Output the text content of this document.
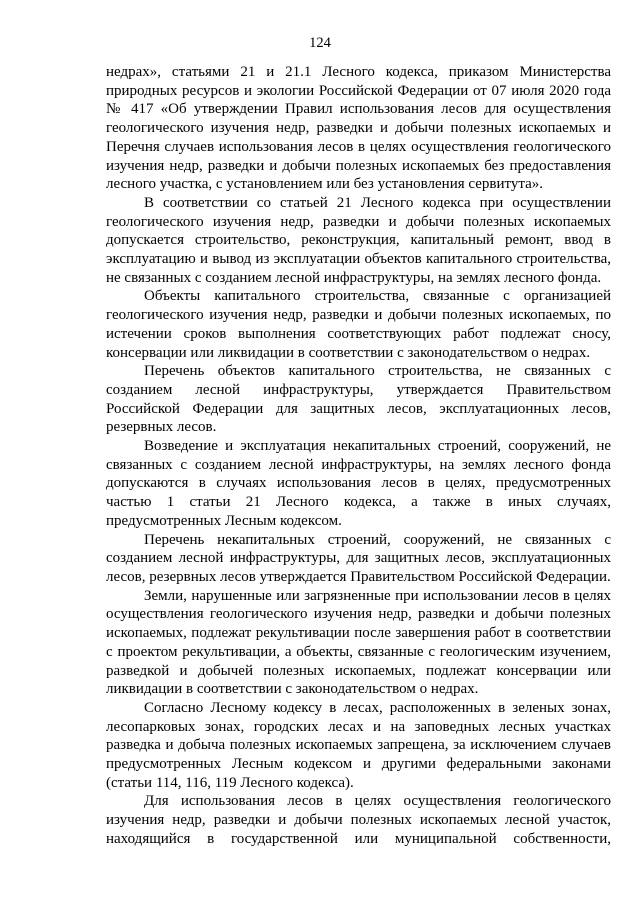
124

недрах», статьями 21 и 21.1 Лесного кодекса, приказом Министерства природных ресурсов и экологии Российской Федерации от 07 июля 2020 года № 417 «Об утверждении Правил использования лесов для осуществления геологического изучения недр, разведки и добычи полезных ископаемых и Перечня случаев использования лесов в целях осуществления геологического изучения недр, разведки и добычи полезных ископаемых без предоставления лесного участка, с установлением или без установления сервитута».

В соответствии со статьей 21 Лесного кодекса при осуществлении геологического изучения недр, разведки и добычи полезных ископаемых допускается строительство, реконструкция, капитальный ремонт, ввод в эксплуатацию и вывод из эксплуатации объектов капитального строительства, не связанных с созданием лесной инфраструктуры, на землях лесного фонда.

Объекты капитального строительства, связанные с организацией геологического изучения недр, разведки и добычи полезных ископаемых, по истечении сроков выполнения соответствующих работ подлежат сносу, консервации или ликвидации в соответствии с законодательством о недрах.

Перечень объектов капитального строительства, не связанных с созданием лесной инфраструктуры, утверждается Правительством Российской Федерации для защитных лесов, эксплуатационных лесов, резервных лесов.

Возведение и эксплуатация некапитальных строений, сооружений, не связанных с созданием лесной инфраструктуры, на землях лесного фонда допускаются в случаях использования лесов в целях, предусмотренных частью 1 статьи 21 Лесного кодекса, а также в иных случаях, предусмотренных Лесным кодексом.

Перечень некапитальных строений, сооружений, не связанных с созданием лесной инфраструктуры, для защитных лесов, эксплуатационных лесов, резервных лесов утверждается Правительством Российской Федерации.

Земли, нарушенные или загрязненные при использовании лесов в целях осуществления геологического изучения недр, разведки и добычи полезных ископаемых, подлежат рекультивации после завершения работ в соответствии с проектом рекультивации, а объекты, связанные с геологическим изучением, разведкой и добычей полезных ископаемых, подлежат консервации или ликвидации в соответствии с законодательством о недрах.

Согласно Лесному кодексу в лесах, расположенных в зеленых зонах, лесопарковых зонах, городских лесах и на заповедных лесных участках разведка и добыча полезных ископаемых запрещена, за исключением случаев предусмотренных Лесным кодексом и другими федеральными законами (статьи 114, 116, 119 Лесного кодекса).

Для использования лесов в целях осуществления геологического изучения недр, разведки и добычи полезных ископаемых лесной участок, находящийся в государственной или муниципальной собственности,
